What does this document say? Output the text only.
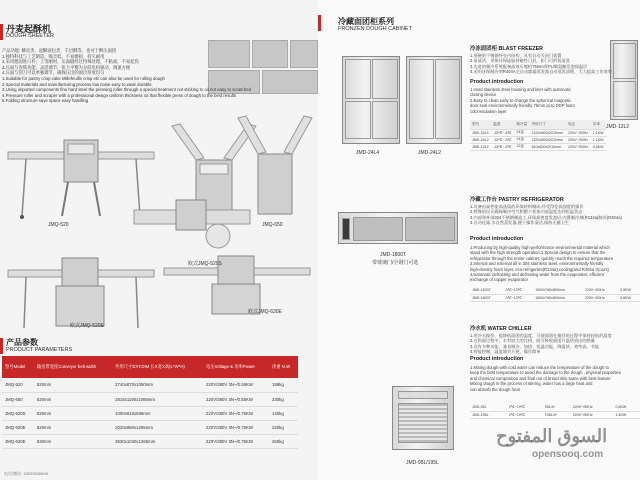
丹麦起酥机
DOUGH SHEETER
产品功能: 酥皮类、起酥面包类、千层酥等，也可于擀压面团
1.独特科技与工艺制造，噪音低、不易磨损、持久耐用
2.采用德国进口件，上等刚材，压面辊经过特殊处理，不粘面，不易起伤
3.压面与卷筒功能，灵活调节，扭力平衡为分段电机驱动，调速方便
4.压面与刮刀可以单独调节，确保压出的面层厚度均匀
1.Suitable for pastry crisp cake Millefeuille crisp etc can also be used for rolling dough
2.Special materials and manufacturing process low noise easy to wear durable
3.Using imported components fine hard steel the pressing roller through a special treatment not sticking to oil not easy to scratched
4.Pressure roller and scraper with a professional design uniform thickness so that flexible press of dough to the best results
5.Folding structure save space easy handling
JMQ-520	JMQ-650
欧式JMQ-520S
欧式JMQ-520E
欧式JMQ-630E
产品参数
PRODUCT PARAMETERS
型号Model	输送带宽度Conveyor belt width	外形尺寸EXT.DIM 长X宽X高(L*W*H)	电压Voltage & 功率Power	净重 N.W
JMQ-520	520mm	2740x870x1050mm	220V/380V 3N~/0.55KW	198kg
JMQ-650	520mm	2815x1190x1065mm	220V/380V 3N~/0.55KW	230kg
JMQ-520S	520mm	1000x810x585mm	220V/380V 3N~/0.75KW	140kg
JMQ-520E	520mm	2020x950x1285mm	220V/380V 3N~/0.75KW	220kg
JMQ-630E	630mm	3530x1040x1265mm	220V/380V 3N~/0.75KW	260kg
电话/微信: 18923930608
冷藏面团柜系列
FRONZEN DOUGH CABINET
JMD-24L4	JMD-24L2
JMD-12L2
冷冻面团柜 BLAST FREEZER
1.坚硬的不锈钢外壳内结构，具有自动关闭门装置
2.易清洁，更换环保硅胶材磁性门封，柜门可拆装清洗
3.先进的制冷系统配备高效压缩机75mm厚PU聚氨酯发泡保温层
4.采用环保制冷剂R404A全自动除霜蒸发器自动蒸发清理，大大提高工作效率
Product introduction
1.Hard stainless steel housing and liner with automatic
closing device
2.Easy to clean easy to change the spherical magnetic
door seal environmentally friendly 75mm pcro DDP foam
cold insulation layer
型号	温度	制冷量	外形尺寸	电压	功率
JMD-24L4	-18℃~-5℃	24盘	1220x800x2010mm	220V~/50Hz	1.1KW
JMD-24L2	-18℃~-5℃	24盘	1220x800x2010mm	220V~/50Hz	1.1KW
JMD-12L2	-18℃~-5℃	12盘	610x800x2010mm	220V~/50Hz	0.8KW
冷藏工作台 PASTRY REFRIGERATOR
1.设备由高性能高品质的环保材料制成,经受得住高强度的操作
2.特殊的设计确保制冷空气和整个柜体内部温度达到恒温状态
3.内部和外部304不锈钢制造工,环保高密度发泡层,内置制冷剂(R134a)制冷(R404a)
4.自动化霜,水自然蒸发器,便于操作清洁,保持无菌卫生
Product introduction
1.Producing by high-quality high-performance environmental material which
stand with the high strength operation.2.Special design to ensure that the
refrigerator through the entire cabinet, quickly reach the required temperature
3.Internal and external all in 304 stainless steel, environmentally friendly
high-density foam layer, eco-refrigerant(R134a),cooling(and R404a 或ours)
4Automatic defrosting and defrosting water from the evaporator, efficient
exchange of copper evaporator
JMD-1800T
带玻璃门/全钢门可选
JMD-1500T	0℃~10℃	1500x760x800mm	220V~/50Hz	0.5KW
JMD-1800T	0℃~10℃	1800x760x800mm	220V~/50Hz	0.6KW
冷水机 WATER CHILLER
1.用冷水搅拌，能降低面团的温度，可使面团在搅拌的过程中保持较低的温度
2.在和面过程中，水有较大的比热，既可吸收面团升温所放出的热量
3.具有多种功能，兼具制冷、加热、恒温功能，降温快、效率高、节能
4.智能控制，温度调节方便，操作简单
Product introduction
1.Mixing dough with cold water can reduce the temperature of the dough to
keep the best temperature to avoid the damage to the dough , physical properties
and chemical composition and final out of bread skin same with best feature
Mixing dough in the process of stirring, water has a large heat and
can absorb the dough heat
JMD-95L/195L
JMD-95L	2℃~10℃	95L/H	220V~/50Hz	0.8KW
JMD-195L	2℃~10℃	195L/H	220V~/50Hz	1.4KW
السوق المفتوح
opensooq.com
